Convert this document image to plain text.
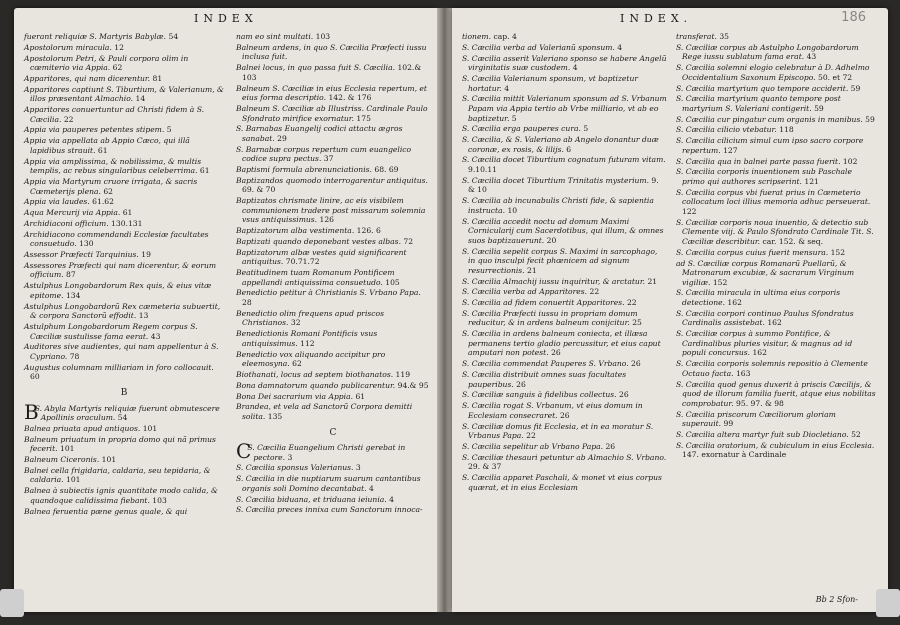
INDEX
fuerant reliquiæ S. Martyris Babylæ. 54
Apostolorum miracula. 12
Apostolorum Petri, & Pauli corpora olim in cœmiterio via Appia. 62
Apparitores, qui nam dicerentur. 81
Apparitores captiunt S. Tiburtium, & Valerianum, & illos præsentant Almachio. 14
Apparitores conuertuntur ad Christi fidem à S. Cæcilia. 22
Appia via pauperes petentes stipem. 5
Appia via appellata ab Appio Cæco, qui illã lapidibus strauit. 61
Appia via amplissima, & nobilissima, & multis templis, ac rebus singularibus celeberrima. 61
Appia via Martyrum cruore irrigata, & sacris Cœmeterijs plena. 62
Appia via laudes. 61.62
Aqua Mercurij via Appia. 61
Archidiaconi officium. 130.131
Archidiacono commendandi Ecclesiæ facultates consuetudo. 130
Assessor Præfecti Tarquinius. 19
Assessores Præfecti qui nam dicerentur, & eorum officium. 87
Astulphus Longobardorum Rex quis, & eius vitæ epitome. 134
Astulphus Longobardorũ Rex cæmeteria subuertit, & corpora Sanctorũ effodit. 13
Astulphum Longobardorum Regem corpus S. Cæciliæ sustulisse fama eerat. 43
Auditores sive audientes, qui nam appellentur à S. Cypriano. 78
Augustus columnam milliariam in foro collocauit. 60
B
B
S. Abyla Martyris reliquiæ fuerunt obmutescere Apollinis oraculum. 54
Balnea priuata apud antiquos. 101
Balneum priuatum in propria domo qui nã primus fecerit. 101
Balneum Ciceronis. 101
Balnei cella frigidaria, caldaria, seu tepidaria, & caldaria. 101
Balnea à subiectis ignis quantitate modo calida, & quandoque calidissima fiebant. 103
Balnea feruentia pæne genus quale, & qui
nam eo sint multati. 103
Balneum ardens, in quo S. Cæcilia Præfecti iussu inclusa fuit.
Balnei locus, in quo passa fuit S. Cæcilia. 102.& 103
Balneum S. Cæciliæ in eius Ecclesia repertum, et eius forma descriptio. 142. & 176
Balneum S. Cæciliæ ab Illustriss. Cardinale Paulo Sfondrato mirifice exornatur. 175
S. Barnabas Euangelij codici attactu ægros sanabat. 29
S. Barnabæ corpus repertum cum euangelico codice supra pectus. 37
Baptismi formula abrenunciationis. 68. 69
Baptizandos quomodo interrogarentur antiquitus. 69. & 70
Baptizatos chrismate linire, ac eis visibilem communionem tradere post missarum solemnia vsus antiquissimus. 126
Baptizatorum alba vestimenta. 126. 6
Baptizati quando deponebant vestes albas. 72
Baptizatorum albæ vestes quid significarent antiquitus. 70.71.72
Beatitudinem tuam Romanum Pontificem appellandi antiquissima consuetudo. 105
Benedictio petitur à Christianis S. Vrbano Papa. 28
Benedictio olim frequens apud priscos Christianos. 32
Benedictionis Romani Pontificis vsus antiquissimus. 112
Benedictio vox aliquando accipitur pro eleemosyna. 62
Biothanati, locus ad septem biothanatos. 119
Bona damnatorum quando publicarentur. 94.& 95
Bona Dei sacrarium via Appia. 61
Brandea, et vela ad Sanctorũ Corpora demitti solita. 135
C
C
S. Cæcilia Euangelium Christi gerebat in pectore. 3
S. Cæcilia sponsus Valerianus. 3
S. Cæcilia in die nuptiarum suarum cantantibus organis soli Domino decantabat. 4
S. Cæcilia biduana, et triduana ieiunia. 4
S. Cæcilia preces innixa cum Sanctorum innoca-
INDEX.	186
tionem. cap. 4
S. Cæcilia verba ad Valerianũ sponsum. 4
S. Cæcilia asserit Valeriano sponso se habere Angelũ virginitatis suæ custodem. 4
S. Cæcilia Valerianum sponsum, vt baptizetur hortatur. 4
S. Cæcilia mittit Valerianum sponsum ad S. Vrbanum Papam via Appia tertio ab Vrbe milliario, vt ab eo baptizetur. 5
S. Cæcilia erga pauperes cura. 5
S. Cæcilia, & S. Valeriano ab Angelo donantur duæ coronæ, ex rosis, & lilijs. 6
S. Cæcilia docet Tiburtium cognatum futuram vitam. 9.10.11
S. Cæcilia docet Tiburtium Trinitatis mysterium. 9. & 10
S. Cæcilia ab incunabulis Christi fide, & sapientia instructa. 10
S. Cæcilia accedit noctu ad domum Maximi Cornicularij cum Sacerdotibus, qui illum, & omnes suos baptizauerunt. 20
S. Cæcilia sepelit corpus S. Maximi in sarcophago, in quo insculpi fecit phœnicem ad signum resurrectionis. 21
S. Cæcilia Almachij iussu inquiritur, & arctatur. 21
S. Cæcilia verba ad Apparitores. 22
S. Cæcilia ad fidem conuertit Apparitores. 22
S. Cæcilia Præfecti iussu in propriam domum reducitur, & in ardens balneum conijcitur. 25
S. Cæcilia in ardens balneum coniecta, et illæsa permanens tertio gladio percussitur, et eius caput amputari non potest. 26
S. Cæcilia commendat Pauperes S. Vrbano. 26
S. Cæcilia distribuit omnes suas facultates pauperibus. 26
S. Cæciliæ sanguis à fidelibus collectus. 26
S. Cæcilia rogat S. Vrbanum, vt eius domum in Ecclesiam consecraret. 26
S. Cæciliæ domus fit Ecclesia, et in ea moratur S. Vrbanus Papa. 22
S. Cæcilia sepelitur ab Vrbano Papa. 26
S. Cæciliæ thesauri petuntur ab Almachio S. Vrbano. 29. & 37
S. Cæcilia apparet Paschali, & monet vt eius corpus quærat, et in eius Ecclesiam
transferat. 35
S. Cæciliæ corpus ab Astulpho Longobardorum Rege iussu sublatum fama erat. 43
S. Cæcilia solemni elogio celebratur à D. Adhelmo Occidentalium Saxonum Episcopo. 50. et 72
S. Cæcilia martyrium quo tempore acciderit. 59
S. Cæcilia martyrium quanto tempore post martyrium S. Valeriani contigerit. 59
S. Cæcilia cur pingatur cum organis in manibus. 59
S. Cæcilia cilicio vtebatur. 118
S. Cæcilia cilicium simul cum ipso sacro corpore repertum. 127
S. Cæcilia qua in balnei parte passa fuerit. 102
S. Cæcilia corporis inuentionem sub Paschale primo qui authores scripserint. 121
S. Cæcilia corpus vbi fuerat prius in Cœmeterio collocatum loci illius memoria adhuc perseuerat. 122
S. Cæciliæ corporis noua inuentio, & detectio sub Clemente viij. & Paulo Sfondrato Cardinale Tit. S. Cæciliæ describitur. car. 152. & seq.
S. Cæcilia corpus cuius fuerit mensura. 152
ad S. Cæciliæ corpus Romanarũ Puellarũ, & Matronarum excubiæ, & sacrarum Virginum vigiliæ. 152
S. Cæcilia miracula in ultima eius corporis detectione. 162
S. Cæcilia corpori continuo Paulus Sfondratus Cardinalis assistebat. 162
S. Cæciliæ corpus à summo Pontifice, & Cardinalibus pluries visitur, & magnus ad id populi concursus. 162
S. Cæcilia corporis solemnis repositio à Clemente Octauo facta. 163
S. Cæcilia quod genus duxerit à priscis Cæcilijs, & quod de illorum familia fuerit, atque eius nobilitas comprobatur. 95. 97. & 98
S. Cæcilia priscorum Cæciliorum gloriam superauit. 99
S. Cæcilia altera martyr fuit sub Diocletiano. 52
S. Cæcilia oratorium, & cubiculum in eius Ecclesia. 147. exornatur à Cardinale
Bb 2 Sfon-
